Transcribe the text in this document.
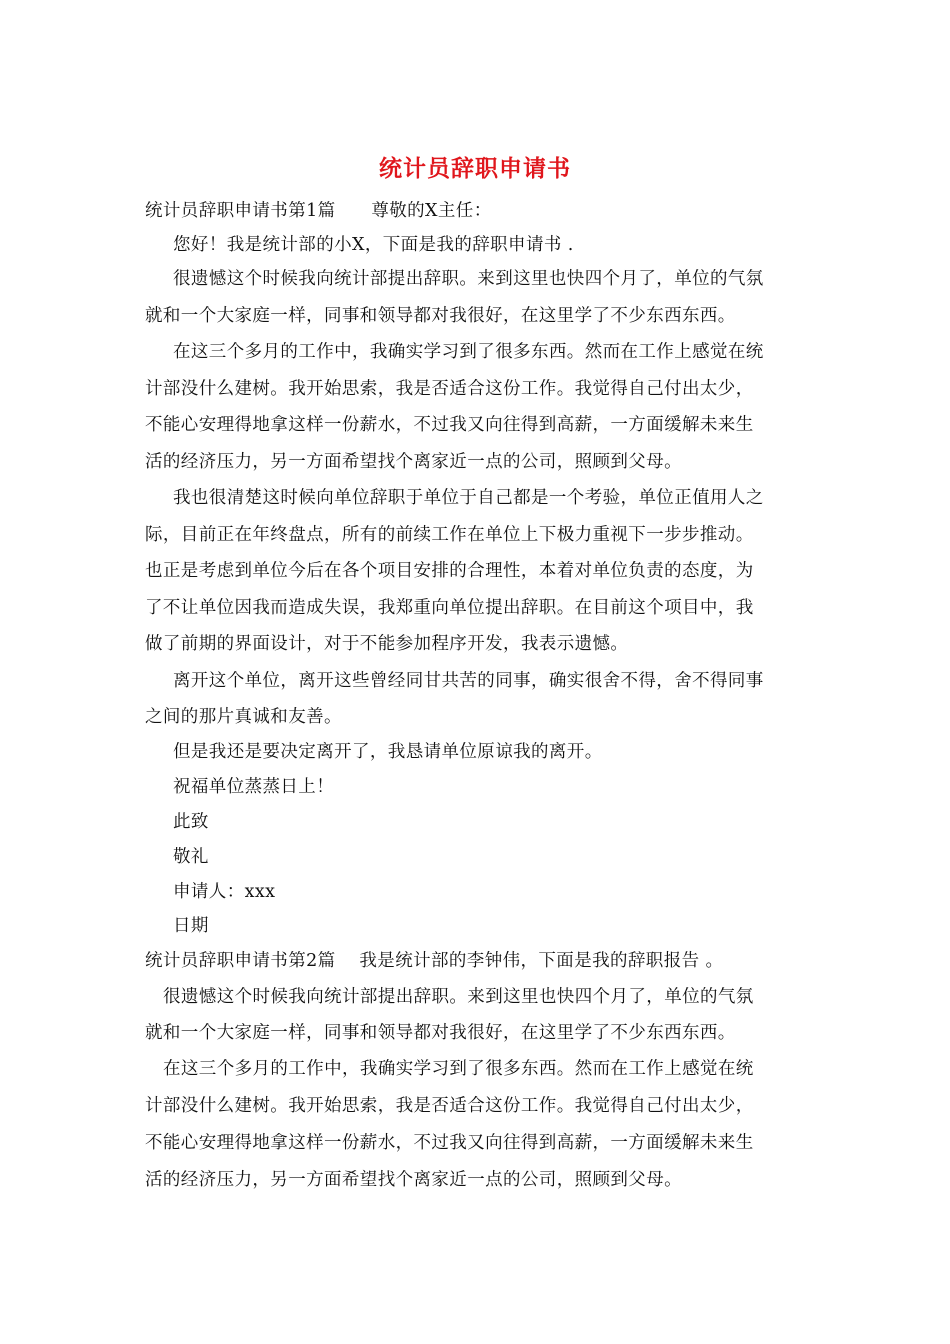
统计员辞职申请书
统计员辞职申请书第1篇　　尊敬的X主任：
您好！我是统计部的小X，下面是我的辞职申请书 .
很遗憾这个时候我向统计部提出辞职。来到这里也快四个月了，单位的气氛
就和一个大家庭一样，同事和领导都对我很好，在这里学了不少东西东西。
在这三个多月的工作中，我确实学习到了很多东西。然而在工作上感觉在统
计部没什么建树。我开始思索，我是否适合这份工作。我觉得自己付出太少，
不能心安理得地拿这样一份薪水，不过我又向往得到高薪，一方面缓解未来生
活的经济压力，另一方面希望找个离家近一点的公司，照顾到父母。
我也很清楚这时候向单位辞职于单位于自己都是一个考验，单位正值用人之
际，目前正在年终盘点，所有的前续工作在单位上下极力重视下一步步推动。
也正是考虑到单位今后在各个项目安排的合理性，本着对单位负责的态度，为
了不让单位因我而造成失误，我郑重向单位提出辞职。在目前这个项目中，我
做了前期的界面设计，对于不能参加程序开发，我表示遗憾。
离开这个单位，离开这些曾经同甘共苦的同事，确实很舍不得，舍不得同事
之间的那片真诚和友善。
但是我还是要决定离开了，我恳请单位原谅我的离开。
祝福单位蒸蒸日上！
此致
敬礼
申请人：xxx
日期
统计员辞职申请书第2篇　 我是统计部的李钟伟，下面是我的辞职报告 。
很遗憾这个时候我向统计部提出辞职。来到这里也快四个月了，单位的气氛
就和一个大家庭一样，同事和领导都对我很好，在这里学了不少东西东西。
在这三个多月的工作中，我确实学习到了很多东西。然而在工作上感觉在统
计部没什么建树。我开始思索，我是否适合这份工作。我觉得自己付出太少，
不能心安理得地拿这样一份薪水，不过我又向往得到高薪，一方面缓解未来生
活的经济压力，另一方面希望找个离家近一点的公司，照顾到父母。
